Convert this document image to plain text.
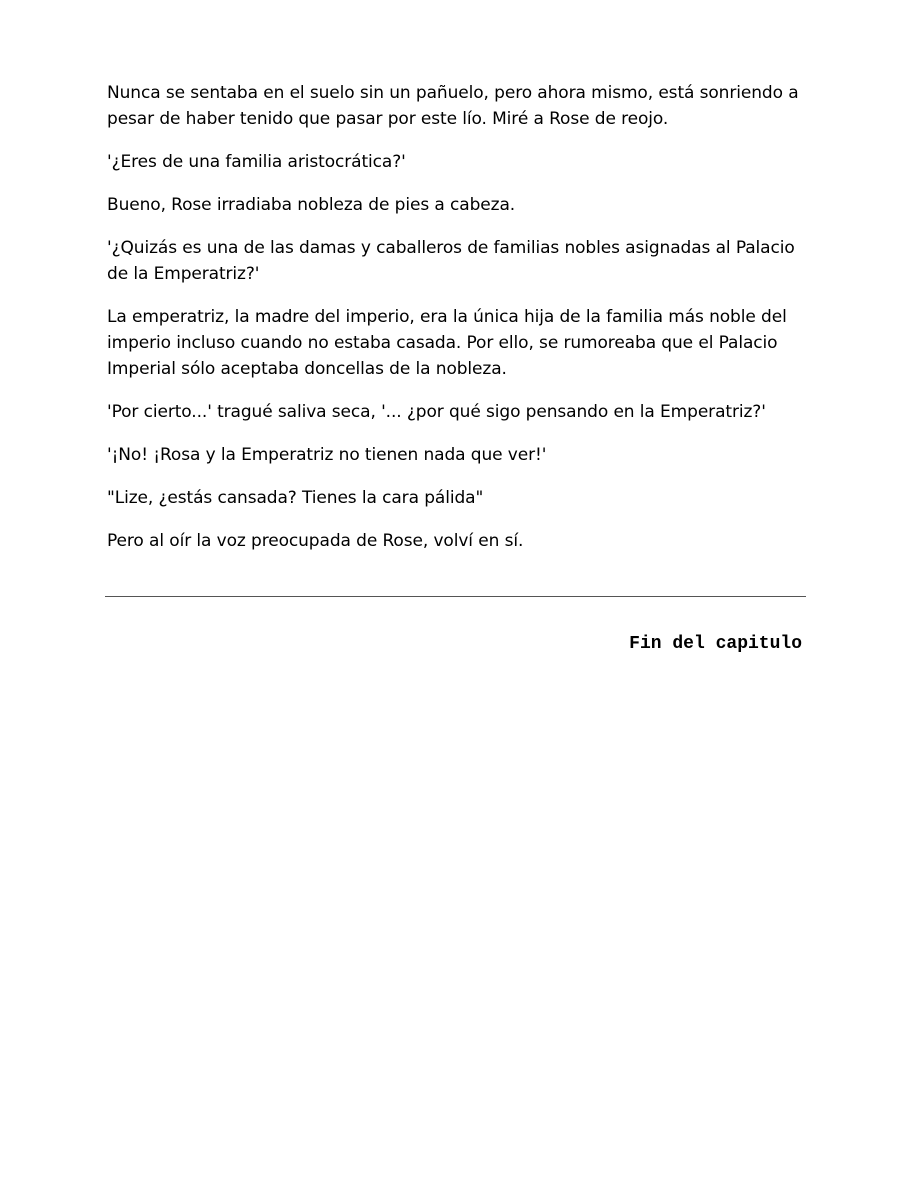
Nunca se sentaba en el suelo sin un pañuelo, pero ahora mismo, está sonriendo a pesar de haber tenido que pasar por este lío. Miré a Rose de reojo.

'¿Eres de una familia aristocrática?'

Bueno, Rose irradiaba nobleza de pies a cabeza.

'¿Quizás es una de las damas y caballeros de familias nobles asignadas al Palacio de la Emperatriz?'

La emperatriz, la madre del imperio, era la única hija de la familia más noble del imperio incluso cuando no estaba casada. Por ello, se rumoreaba que el Palacio Imperial sólo aceptaba doncellas de la nobleza.

'Por cierto...' tragué saliva seca, '... ¿por qué sigo pensando en la Emperatriz?'

'¡No! ¡Rosa y la Emperatriz no tienen nada que ver!'

"Lize, ¿estás cansada? Tienes la cara pálida"

Pero al oír la voz preocupada de Rose, volví en sí.

Fin del capitulo
